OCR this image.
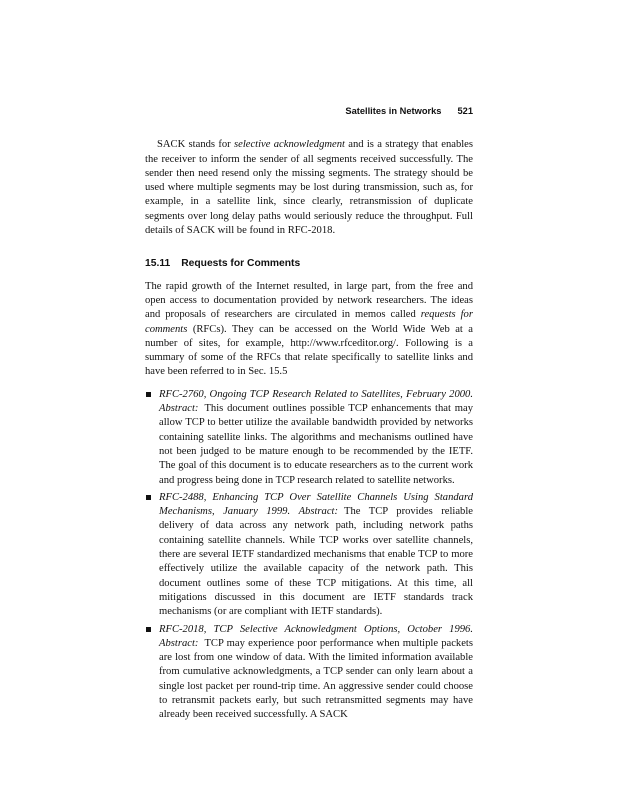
Satellites in Networks 521

SACK stands for selective acknowledgment and is a strategy that enables the receiver to inform the sender of all segments received successfully. The sender then need resend only the missing segments. The strategy should be used where multiple segments may be lost during transmission, such as, for example, in a satellite link, since clearly, retransmission of duplicate segments over long delay paths would seriously reduce the throughput. Full details of SACK will be found in RFC-2018.

15.11 Requests for Comments

The rapid growth of the Internet resulted, in large part, from the free and open access to documentation provided by network researchers. The ideas and proposals of researchers are circulated in memos called requests for comments (RFCs). They can be accessed on the World Wide Web at a number of sites, for example, http://www.rfceditor.org/. Following is a summary of some of the RFCs that relate specifically to satellite links and have been referred to in Sec. 15.5

RFC-2760, Ongoing TCP Research Related to Satellites, February 2000. Abstract: This document outlines possible TCP enhancements that may allow TCP to better utilize the available bandwidth provided by networks containing satellite links. The algorithms and mechanisms outlined have not been judged to be mature enough to be recommended by the IETF. The goal of this document is to educate researchers as to the current work and progress being done in TCP research related to satellite networks.
RFC-2488, Enhancing TCP Over Satellite Channels Using Standard Mechanisms, January 1999. Abstract: The TCP provides reliable delivery of data across any network path, including network paths containing satellite channels. While TCP works over satellite channels, there are several IETF standardized mechanisms that enable TCP to more effectively utilize the available capacity of the network path. This document outlines some of these TCP mitigations. At this time, all mitigations discussed in this document are IETF standards track mechanisms (or are compliant with IETF standards).
RFC-2018, TCP Selective Acknowledgment Options, October 1996. Abstract: TCP may experience poor performance when multiple packets are lost from one window of data. With the limited information available from cumulative acknowledgments, a TCP sender can only learn about a single lost packet per round-trip time. An aggressive sender could choose to retransmit packets early, but such retransmitted segments may have already been received successfully. A SACK
